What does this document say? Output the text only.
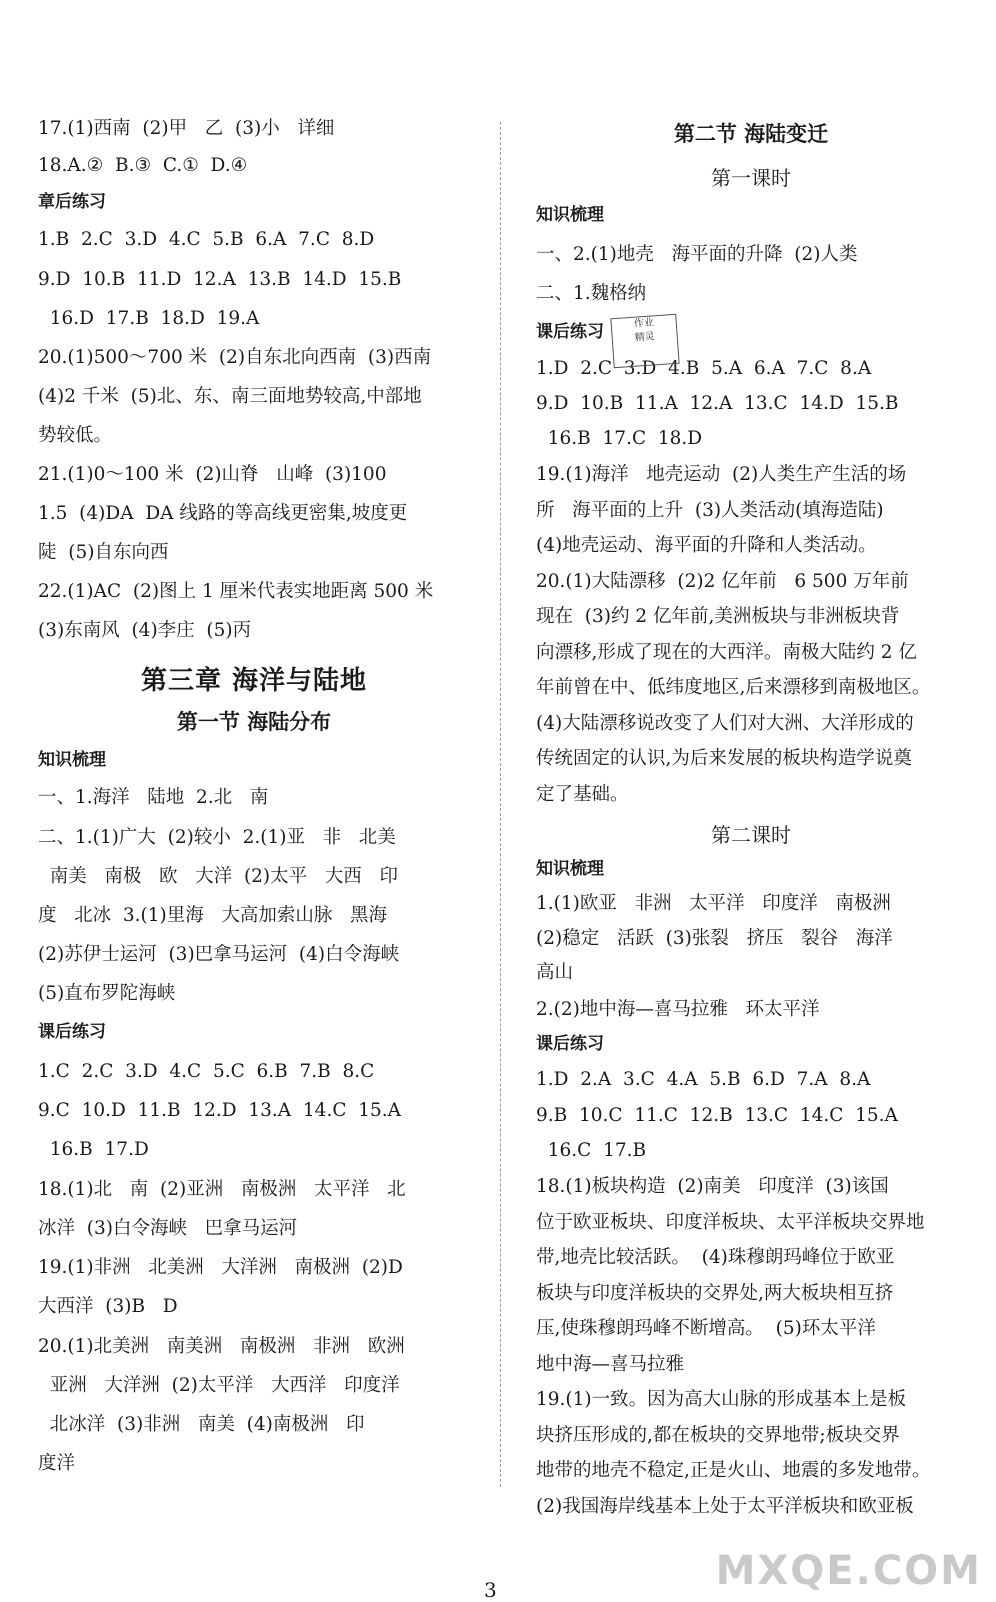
17.(1)西南  (2)甲   乙  (3)小   详细
18.A.②  B.③  C.①  D.④
章后练习
1.B  2.C  3.D  4.C  5.B  6.A  7.C  8.D
9.D  10.B  11.D  12.A  13.B  14.D  15.B
16.D  17.B  18.D  19.A
20.(1)500～700 米  (2)自东北向西南  (3)西南
(4)2 千米  (5)北、东、南三面地势较高,中部地
势较低。
21.(1)0～100 米  (2)山脊   山峰  (3)100
1.5  (4)DA  DA 线路的等高线更密集,坡度更
陡  (5)自东向西
22.(1)AC  (2)图上 1 厘米代表实地距离 500 米
(3)东南风  (4)李庄  (5)丙
第三章 海洋与陆地
第一节 海陆分布
知识梳理
一、1.海洋   陆地  2.北   南
二、1.(1)广大  (2)较小  2.(1)亚   非   北美
南美   南极   欧   大洋  (2)太平   大西   印
度   北冰  3.(1)里海   大高加索山脉   黑海
(2)苏伊士运河  (3)巴拿马运河  (4)白令海峡
(5)直布罗陀海峡
课后练习
1.C  2.C  3.D  4.C  5.C  6.B  7.B  8.C
9.C  10.D  11.B  12.D  13.A  14.C  15.A
16.B  17.D
18.(1)北   南  (2)亚洲   南极洲   太平洋   北
冰洋  (3)白令海峡   巴拿马运河
19.(1)非洲   北美洲   大洋洲   南极洲  (2)D
大西洋  (3)B   D
20.(1)北美洲   南美洲   南极洲   非洲   欧洲
亚洲   大洋洲  (2)太平洋   大西洋   印度洋
北冰洋  (3)非洲   南美  (4)南极洲   印
度洋
第二节 海陆变迁
第一课时
知识梳理
一、2.(1)地壳   海平面的升降  (2)人类
二、1.魏格纳
课后练习
1.D  2.C  3.D  4.B  5.A  6.A  7.C  8.A
9.D  10.B  11.A  12.A  13.C  14.D  15.B
16.B  17.C  18.D
19.(1)海洋   地壳运动  (2)人类生产生活的场
所   海平面的上升  (3)人类活动(填海造陆)
(4)地壳运动、海平面的升降和人类活动。
20.(1)大陆漂移  (2)2 亿年前   6 500 万年前
现在  (3)约 2 亿年前,美洲板块与非洲板块背
向漂移,形成了现在的大西洋。南极大陆约 2 亿
年前曾在中、低纬度地区,后来漂移到南极地区。
(4)大陆漂移说改变了人们对大洲、大洋形成的
传统固定的认识,为后来发展的板块构造学说奠
定了基础。
第二课时
知识梳理
1.(1)欧亚   非洲   太平洋   印度洋   南极洲
(2)稳定   活跃  (3)张裂   挤压   裂谷   海洋
高山
2.(2)地中海—喜马拉雅   环太平洋
课后练习
1.D  2.A  3.C  4.A  5.B  6.D  7.A  8.A
9.B  10.C  11.C  12.B  13.C  14.C  15.A
16.C  17.B
18.(1)板块构造  (2)南美   印度洋  (3)该国
位于欧亚板块、印度洋板块、太平洋板块交界地
带,地壳比较活跃。  (4)珠穆朗玛峰位于欧亚
板块与印度洋板块的交界处,两大板块相互挤
压,使珠穆朗玛峰不断增高。  (5)环太平洋
地中海—喜马拉雅
19.(1)一致。因为高大山脉的形成基本上是板
块挤压形成的,都在板块的交界地带;板块交界
地带的地壳不稳定,正是火山、地震的多发地带。
(2)我国海岸线基本上处于太平洋板块和欧亚板
作业
精灵
3	MXQE.COM
